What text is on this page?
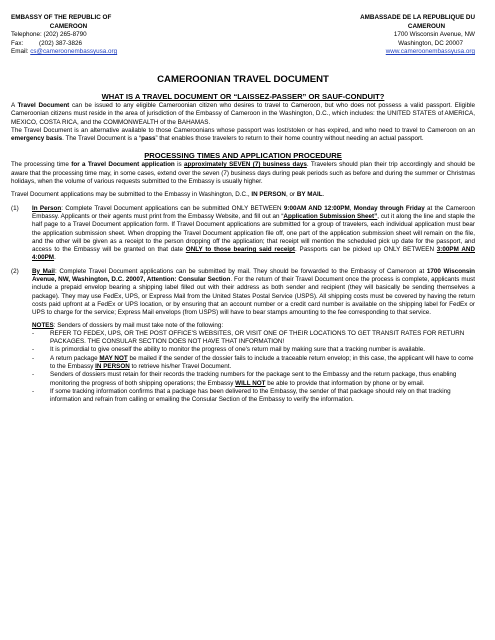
EMBASSY OF THE REPUBLIC OF
CAMEROON
Telephone: (202) 265-8790
Fax:         (202) 387-3826
Email: cs@cameroonembassyusa.org
AMBASSADE DE LA REPUBLIQUE DU
CAMEROUN
1700 Wisconsin Avenue, NW
Washington, DC 20007
www.cameroonembassyusa.org
CAMEROONIAN TRAVEL DOCUMENT
WHAT IS A TRAVEL DOCUMENT OR “LAISSEZ-PASSER” OR SAUF-CONDUIT?

A Travel Document can be issued to any eligible Cameroonian citizen who desires to travel to Cameroon, but who does not possess a valid passport. Eligible Cameroonian citizens must reside in the area of jurisdiction of the Embassy of Cameroon in the Washington, D.C., which includes: the UNITED STATES of AMERICA, MEXICO, COSTA RICA, and the COMMONWEALTH of the BAHAMAS.

The Travel Document is an alternative available to those Cameroonians whose passport was lost/stolen or has expired, and who need to travel to Cameroon on an emergency basis. The Travel Document is a “pass” that enables those travelers to return to their home country without needing an actual passport.

PROCESSING TIMES AND APPLICATION PROCEDURE

The processing time for a Travel Document application is approximately SEVEN (7) business days. Travelers should plan their trip accordingly and should be aware that the processing time may, in some cases, extend over the seven (7) business days during peak periods such as before and during the summer or Christmas holidays, when the volume of various requests submitted to the Embassy is usually higher.

Travel Document applications may be submitted to the Embassy in Washington, D.C., IN PERSON, or BY MAIL.

(1) In Person: Complete Travel Document applications can be submitted ONLY BETWEEN 9:00AM AND 12:00PM, Monday through Friday at the Cameroon Embassy. Applicants or their agents must print from the Embassy Website, and fill out an “Application Submission Sheet”, cut it along the line and staple the half page to a Travel Document application form. If Travel Document applications are submitted for a group of travelers, each individual application must bear the application submission sheet. When dropping the Travel Document application file off, one part of the application submission sheet will remain on the file, and the other will be given as a receipt to the person dropping off the application; that receipt will mention the scheduled pick up date for the passport, and access to the Embassy will be granted on that date ONLY to those bearing said receipt. Passports can be picked up ONLY BETWEEN 3:00PM AND 4:00PM.

(2) By Mail: Complete Travel Document applications can be submitted by mail. They should be forwarded to the Embassy of Cameroon at 1700 Wisconsin Avenue, NW, Washington, D.C. 20007, Attention: Consular Section. For the return of their Travel Document once the process is complete, applicants must include a prepaid envelop bearing a shipping label filled out with their address as both sender and recipient (they will basically be sending themselves a package). They may use FedEx, UPS, or Express Mail from the United States Postal Service (USPS). All shipping costs must be covered by having the return costs paid upfront at a FedEx or UPS location, or by ensuring that an account number or a credit card number is available on the shipping label for FedEx or UPS to charge for the service; Express Mail envelops (from USPS) will have to bear stamps amounting to the fee corresponding to that service.

NOTES: Senders of dossiers by mail must take note of the following:

-	REFER TO FEDEX, UPS, OR THE POST OFFICE'S WEBSITES, OR VISIT ONE OF THEIR LOCATIONS TO GET TRANSIT RATES FOR RETURN PACKAGES. THE CONSULAR SECTION DOES NOT HAVE THAT INFORMATION!

-	It is primordial to give oneself the ability to monitor the progress of one's return mail by making sure that a tracking number is available.

-	A return package MAY NOT be mailed if the sender of the dossier fails to include a traceable return envelop; in this case, the applicant will have to come to the Embassy IN PERSON to retrieve his/her Travel Document.

-	Senders of dossiers must retain for their records the tracking numbers for the package sent to the Embassy and the return package, thus enabling monitoring the progress of both shipping operations; the Embassy WILL NOT be able to provide that information by phone or by email.

-	If some tracking information confirms that a package has been delivered to the Embassy, the sender of that package should rely on that tracking information and refrain from calling or emailing the Consular Section of the Embassy to verify the information.
